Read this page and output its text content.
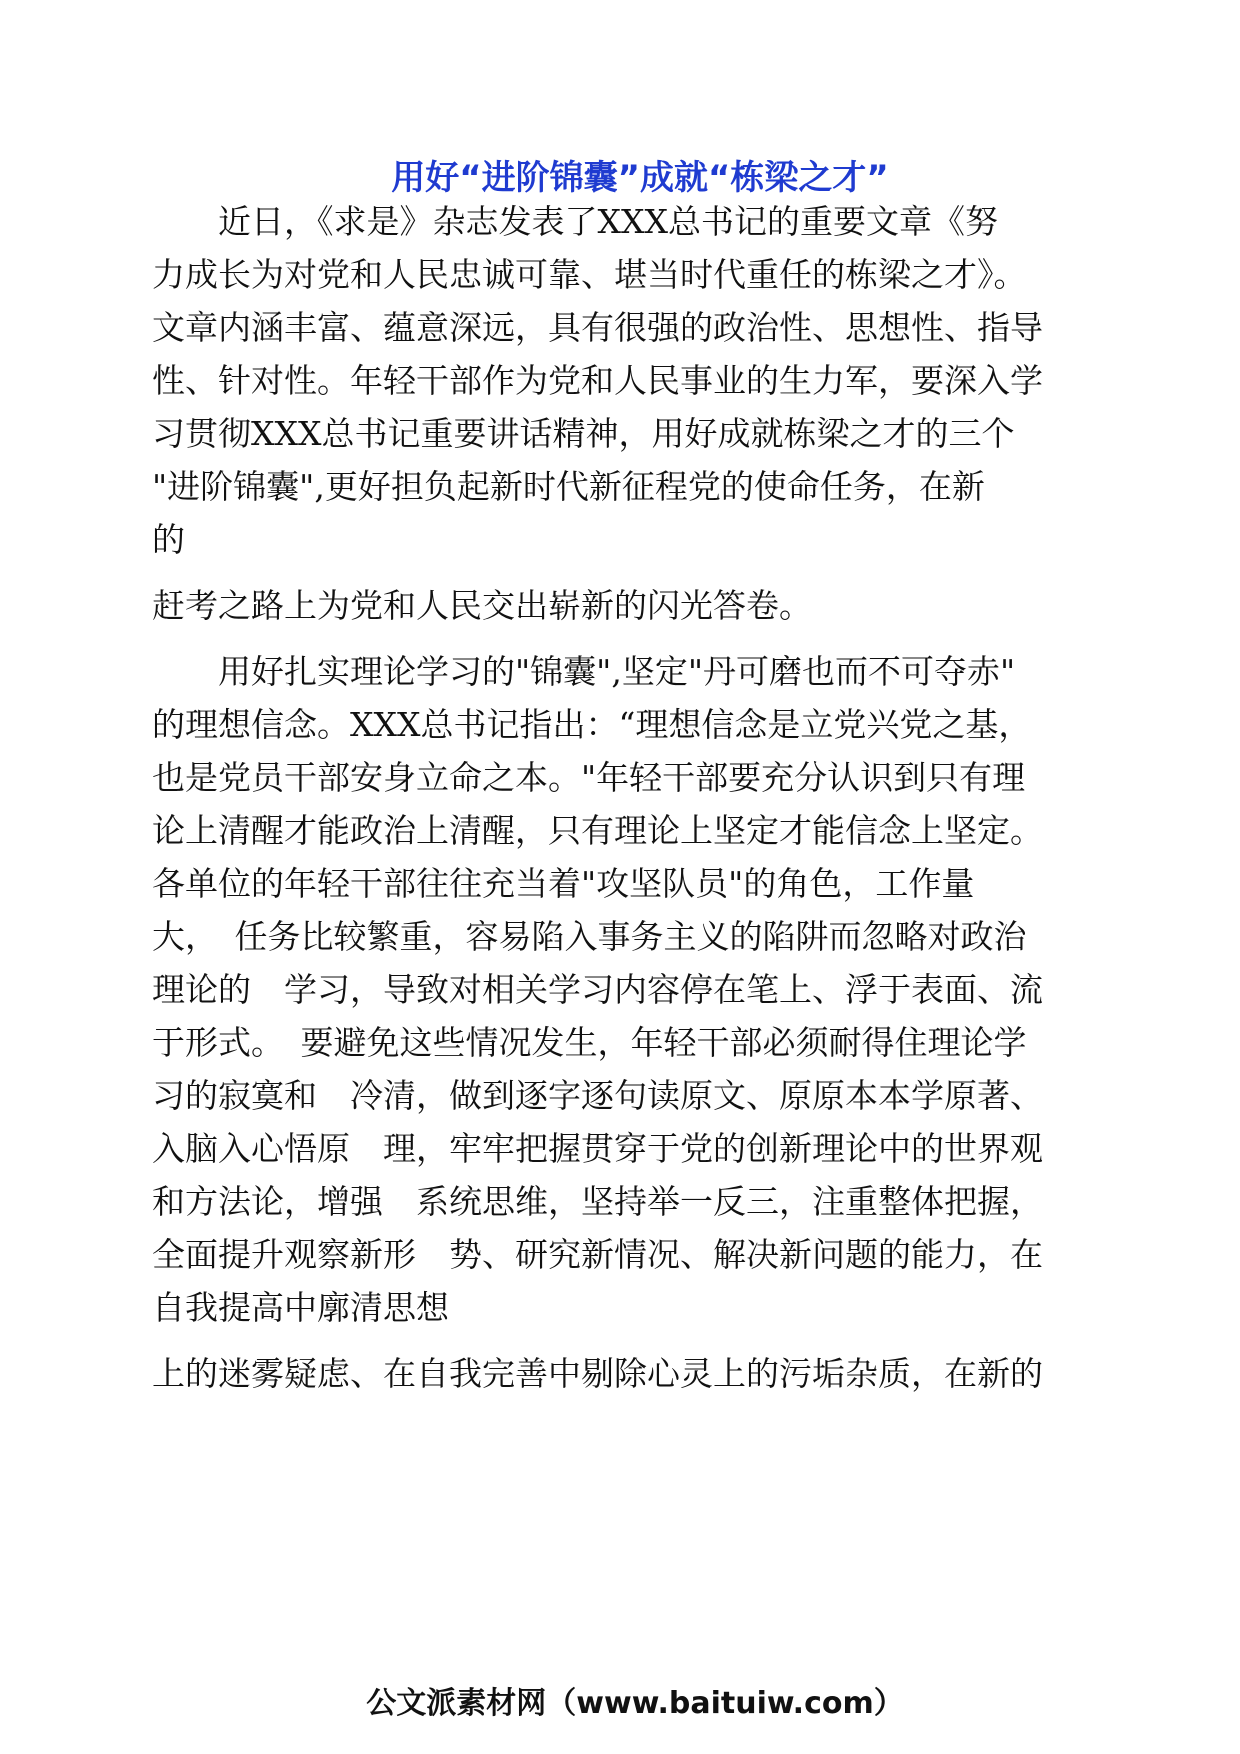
用好“进阶锦囊”成就“栋梁之才”

　　近日，《求是》杂志发表了XXX总书记的重要文章《努

力成长为对党和人民忠诚可靠、堪当时代重任的栋梁之才》。

文章内涵丰富、蕴意深远，具有很强的政治性、思想性、指导

性、针对性。年轻干部作为党和人民事业的生力军，要深入学

习贯彻XXX总书记重要讲话精神，用好成就栋梁之才的三个

"进阶锦囊",更好担负起新时代新征程党的使命任务，在新

的

赶考之路上为党和人民交出崭新的闪光答卷。

　　用好扎实理论学习的"锦囊",坚定"丹可磨也而不可夺赤"

的理想信念。XXX总书记指出：“理想信念是立党兴党之基，

也是党员干部安身立命之本。"年轻干部要充分认识到只有理

论上清醒才能政治上清醒，只有理论上坚定才能信念上坚定。

各单位的年轻干部往往充当着"攻坚队员"的角色，工作量

大，　任务比较繁重，容易陷入事务主义的陷阱而忽略对政治

理论的　学习，导致对相关学习内容停在笔上、浮于表面、流

于形式。　要避免这些情况发生，年轻干部必须耐得住理论学

习的寂寞和　冷清，做到逐字逐句读原文、原原本本学原著、

入脑入心悟原　理，牢牢把握贯穿于党的创新理论中的世界观

和方法论，增强　系统思维，坚持举一反三，注重整体把握，

全面提升观察新形　势、研究新情况、解决新问题的能力，在

自我提高中廓清思想

上的迷雾疑虑、在自我完善中剔除心灵上的污垢杂质，在新的

公文派素材网（www.baituiw.com）
